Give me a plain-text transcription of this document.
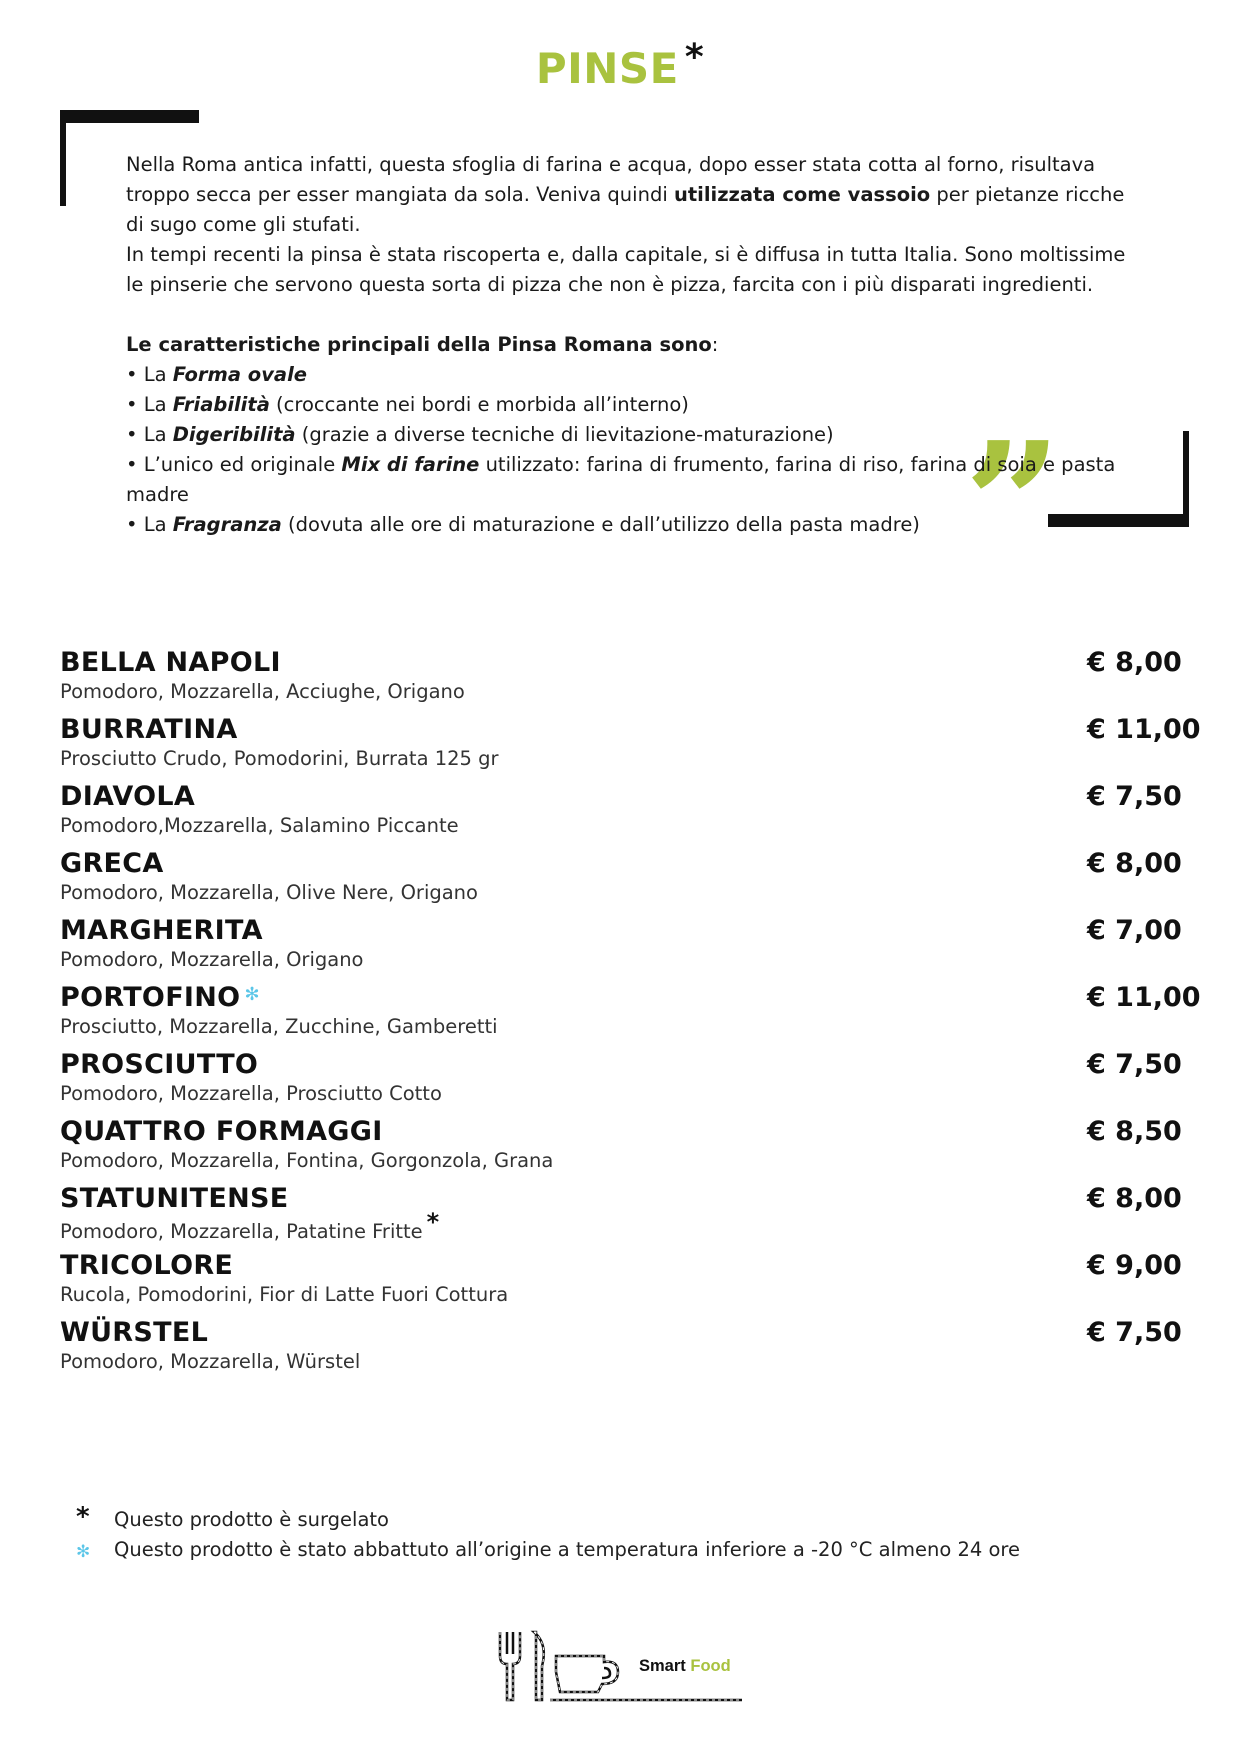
PINSE *
”

Nella Roma antica infatti, questa sfoglia di farina e acqua, dopo esser stata cotta al forno, risultava troppo secca per esser mangiata da sola. Veniva quindi utilizzata come vassoio per pietanze ricche di sugo come gli stufati.

In tempi recenti la pinsa è stata riscoperta e, dalla capitale, si è diffusa in tutta Italia. Sono moltissime le pinserie che servono questa sorta di pizza che non è pizza, farcita con i più disparati ingredienti.

Le caratteristiche principali della Pinsa Romana sono:

• La Forma ovale
• La Friabilità (croccante nei bordi e morbida all’interno)
• La Digeribilità (grazie a diverse tecniche di lievitazione-maturazione)
• L’unico ed originale Mix di farine utilizzato: farina di frumento, farina di riso, farina di soia e pasta madre
• La Fragranza (dovuta alle ore di maturazione e dall’utilizzo della pasta madre)
BELLA NAPOLI
Pomodoro, Mozzarella, Acciughe, Origano
€ 8,00
BURRATINA
Prosciutto Crudo, Pomodorini, Burrata 125 gr
€ 11,00
DIAVOLA
Pomodoro,Mozzarella, Salamino Piccante
€ 7,50
GRECA
Pomodoro, Mozzarella, Olive Nere, Origano
€ 8,00
MARGHERITA
Pomodoro, Mozzarella, Origano
€ 7,00
PORTOFINO ✻
Prosciutto, Mozzarella, Zucchine, Gamberetti
€ 11,00
PROSCIUTTO
Pomodoro, Mozzarella, Prosciutto Cotto
€ 7,50
QUATTRO FORMAGGI
Pomodoro, Mozzarella, Fontina, Gorgonzola, Grana
€ 8,50
STATUNITENSE
Pomodoro, Mozzarella, Patatine Fritte *
€ 8,00
TRICOLORE
Rucola, Pomodorini, Fior di Latte Fuori Cottura
€ 9,00
WÜRSTEL
Pomodoro, Mozzarella, Würstel
€ 7,50
*	Questo prodotto è surgelato
✻ Questo prodotto è stato abbattuto all’origine a temperatura inferiore a -20 °C almeno 24 ore
Smart Food
